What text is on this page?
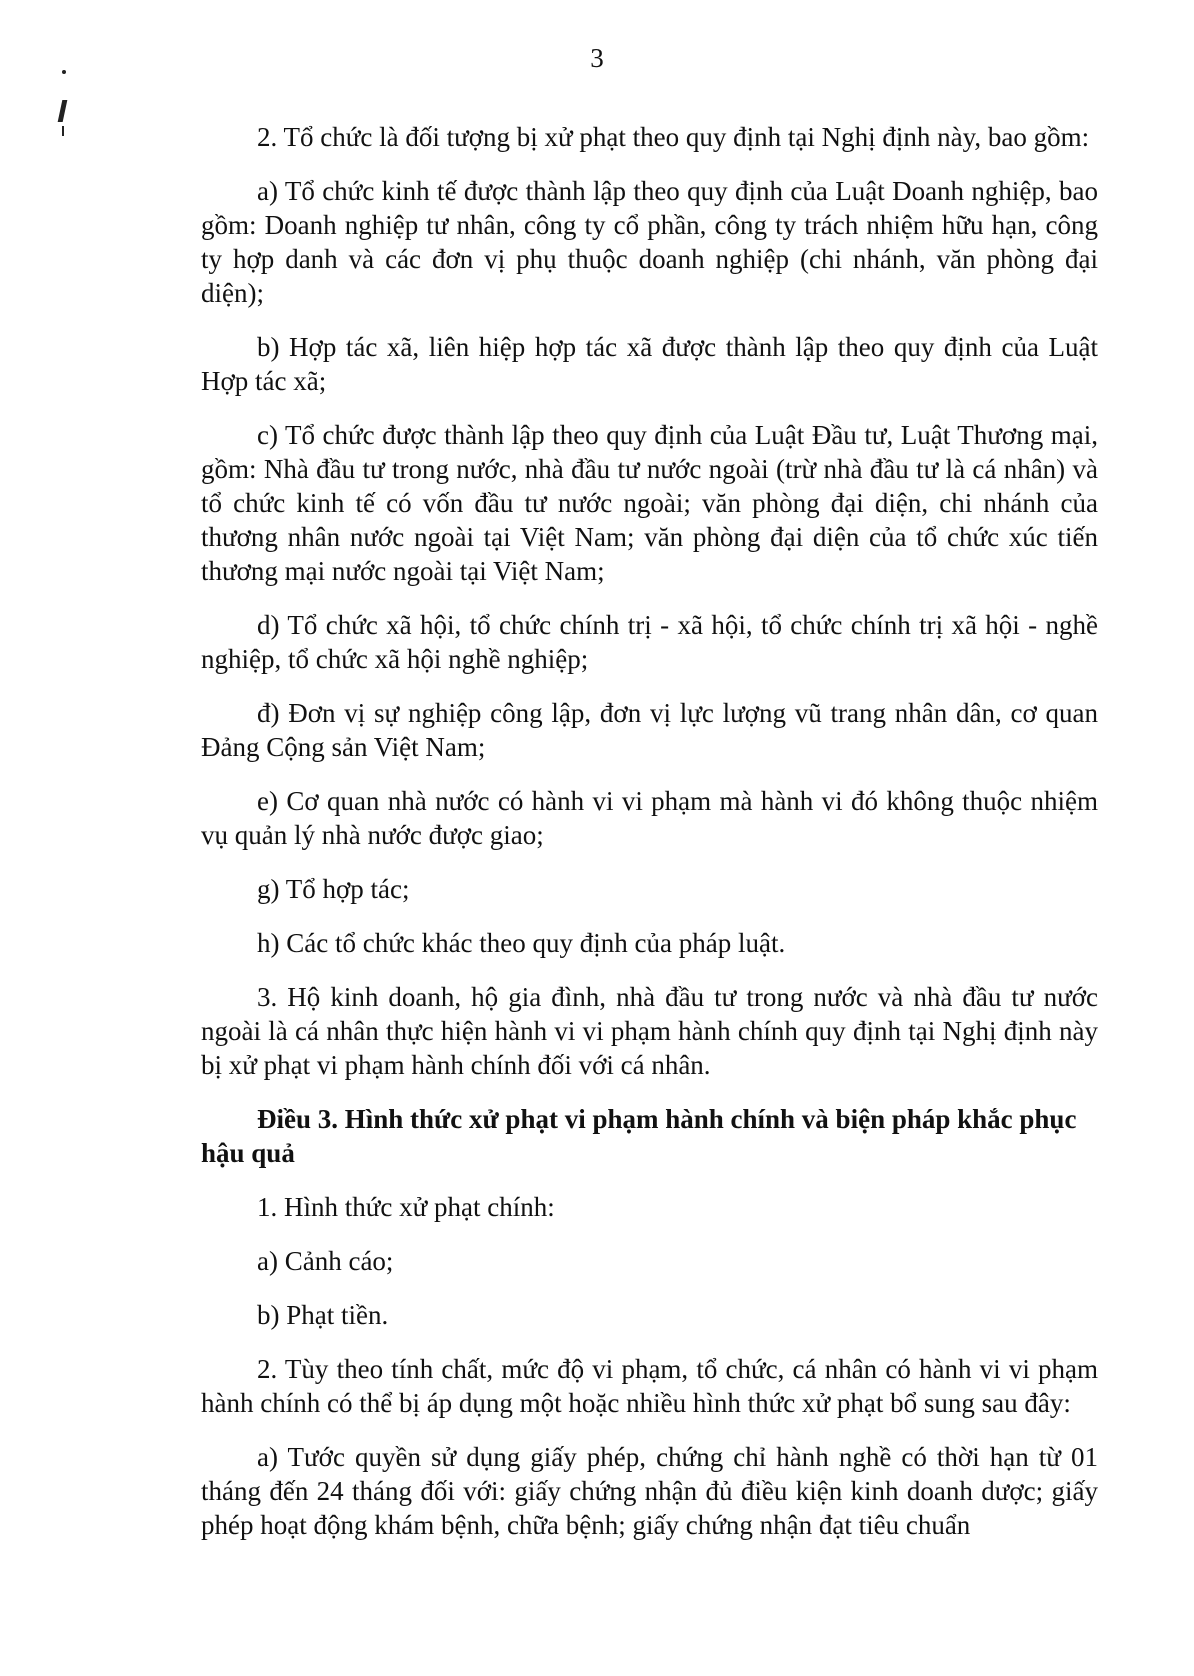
3

2. Tổ chức là đối tượng bị xử phạt theo quy định tại Nghị định này, bao gồm:

a) Tổ chức kinh tế được thành lập theo quy định của Luật Doanh nghiệp, bao gồm: Doanh nghiệp tư nhân, công ty cổ phần, công ty trách nhiệm hữu hạn, công ty hợp danh và các đơn vị phụ thuộc doanh nghiệp (chi nhánh, văn phòng đại diện);

b) Hợp tác xã, liên hiệp hợp tác xã được thành lập theo quy định của Luật Hợp tác xã;

c) Tổ chức được thành lập theo quy định của Luật Đầu tư, Luật Thương mại, gồm: Nhà đầu tư trong nước, nhà đầu tư nước ngoài (trừ nhà đầu tư là cá nhân) và tổ chức kinh tế có vốn đầu tư nước ngoài; văn phòng đại diện, chi nhánh của thương nhân nước ngoài tại Việt Nam; văn phòng đại diện của tổ chức xúc tiến thương mại nước ngoài tại Việt Nam;

d) Tổ chức xã hội, tổ chức chính trị - xã hội, tổ chức chính trị xã hội - nghề nghiệp, tổ chức xã hội nghề nghiệp;

đ) Đơn vị sự nghiệp công lập, đơn vị lực lượng vũ trang nhân dân, cơ quan Đảng Cộng sản Việt Nam;

e) Cơ quan nhà nước có hành vi vi phạm mà hành vi đó không thuộc nhiệm vụ quản lý nhà nước được giao;

g) Tổ hợp tác;

h) Các tổ chức khác theo quy định của pháp luật.

3. Hộ kinh doanh, hộ gia đình, nhà đầu tư trong nước và nhà đầu tư nước ngoài là cá nhân thực hiện hành vi vi phạm hành chính quy định tại Nghị định này bị xử phạt vi phạm hành chính đối với cá nhân.

Điều 3. Hình thức xử phạt vi phạm hành chính và biện pháp khắc phục hậu quả

1. Hình thức xử phạt chính:

a) Cảnh cáo;

b) Phạt tiền.

2. Tùy theo tính chất, mức độ vi phạm, tổ chức, cá nhân có hành vi vi phạm hành chính có thể bị áp dụng một hoặc nhiều hình thức xử phạt bổ sung sau đây:

a) Tước quyền sử dụng giấy phép, chứng chỉ hành nghề có thời hạn từ 01 tháng đến 24 tháng đối với: giấy chứng nhận đủ điều kiện kinh doanh dược; giấy phép hoạt động khám bệnh, chữa bệnh; giấy chứng nhận đạt tiêu chuẩn
